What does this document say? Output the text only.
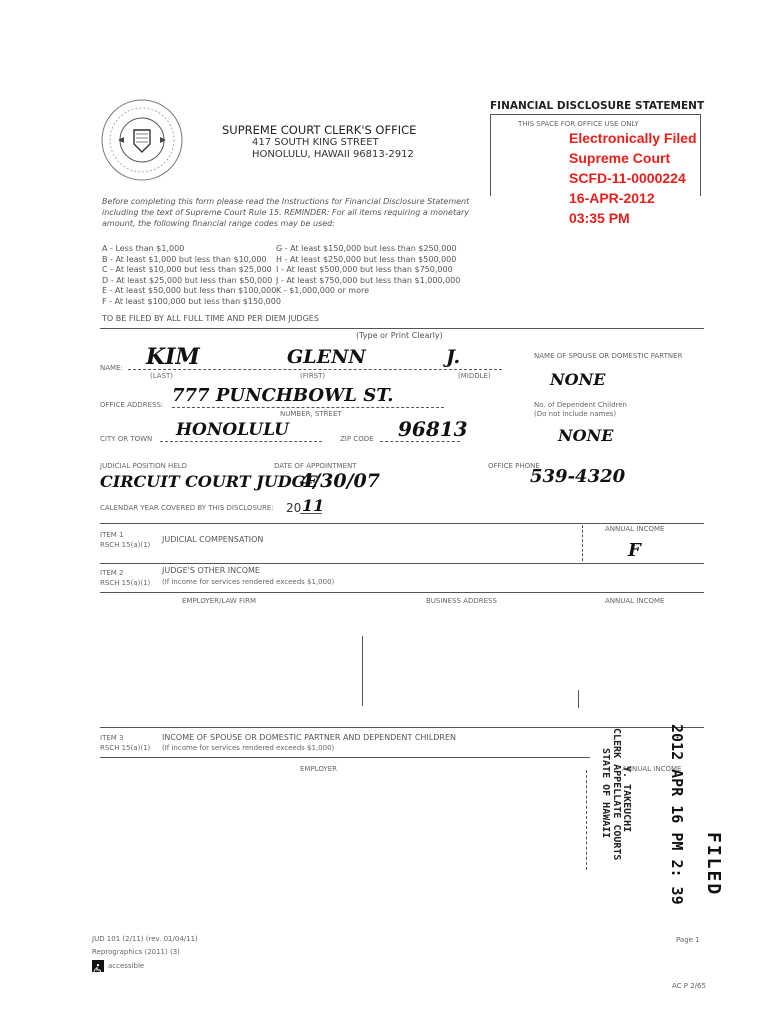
FINANCIAL DISCLOSURE STATEMENT
SUPREME COURT CLERK'S OFFICE
417 SOUTH KING STREET
HONOLULU, HAWAII 96813-2912
THIS SPACE FOR OFFICE USE ONLY
Electronically Filed
Supreme Court
SCFD-11-0000224
16-APR-2012
03:35 PM
Before completing this form please read the Instructions for Financial Disclosure Statement
including the text of Supreme Court Rule 15. REMINDER: For all items requiring a monetary
amount, the following financial range codes may be used:
A - Less than $1,000
B - At least $1,000 but less than $10,000
C - At least $10,000 but less than $25,000
D - At least $25,000 but less than $50,000
E - At least $50,000 but less than $100,000
F - At least $100,000 but less than $150,000
G - At least $150,000 but less than $250,000
H - At least $250,000 but less than $500,000
I - At least $500,000 but less than $750,000
J - At least $750,000 but less than $1,000,000
K - $1,000,000 or more
TO BE FILED BY ALL FULL TIME AND PER DIEM JUDGES
(Type or Print Clearly)
NAME: KIM	GLENN	J.
(LAST)	(FIRST)	(MIDDLE)
NAME OF SPOUSE OR DOMESTIC PARTNER
NONE
OFFICE ADDRESS: 777 PUNCHBOWL ST.
NUMBER, STREET
No. of Dependent Children
(Do not include names)
NONE
CITY OR TOWN HONOLULU	ZIP CODE 96813
JUDICIAL POSITION HELD	DATE OF APPOINTMENT
CIRCUIT COURT JUDGE
4/30/07
OFFICE PHONE
539-4320
CALENDAR YEAR COVERED BY THIS DISCLOSURE: 20 11
ITEM 1
RSCH 15(a)(1)
JUDICIAL COMPENSATION
ANNUAL INCOME
F
ITEM 2
RSCH 15(a)(1)
JUDGE'S OTHER INCOME
(If income for services rendered exceeds $1,000)
EMPLOYER/LAW FIRM	BUSINESS ADDRESS	ANNUAL INCOME
ITEM 3
RSCH 15(a)(1)
INCOME OF SPOUSE OR DOMESTIC PARTNER AND DEPENDENT CHILDREN
(If income for services rendered exceeds $1,000)
EMPLOYER	ANNUAL INCOME
FILED
2012 APR 16 PM 2: 39
Y. TAKEUCHI
CLERK APPELLATE COURTS
STATE OF HAWAII
JUD 101 (2/11) (rev. 01/04/11)
Reprographics (2011) (3)
accessible
Page 1
AC P 2/65
